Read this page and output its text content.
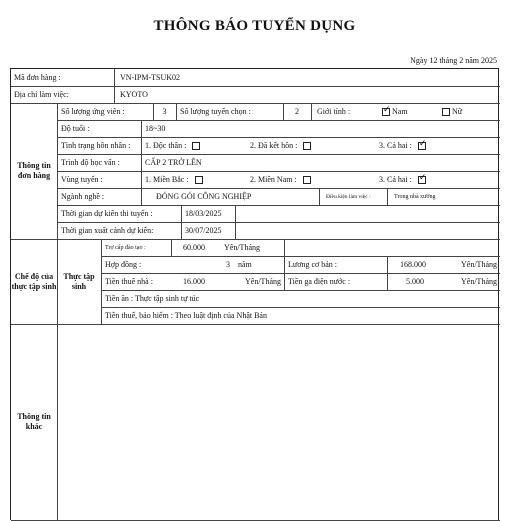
THÔNG BÁO TUYỂN DỤNG
Ngày 12 tháng 2 năm 2025
Mã đơn hàng :	VN-IPM-TSUK02
Địa chỉ làm việc:	KYOTO
Thông tin đơn hàng
Số lượng ứng viên :	3	Số lượng tuyển chọn :	2	Giới tính :
✓	Nam	Nữ
Độ tuổi :	18~30
Tình trạng hôn nhân :	1. Độc thân :	2. Đã kết hôn :	3. Cả hai :
✓
Trình độ học vấn :	CẤP 2 TRỞ LÊN
Vùng tuyển :	1. Miền Bắc :	2. Miền Nam :	3. Cả hai :
✓
Ngành nghề :	ĐÓNG GÓI CÔNG NGHIỆP	Điều kiện làm việc :	Trong nhà xưởng
Thời gian dự kiến thi tuyển :	18/03/2025
Thời gian xuất cảnh dự kiến:	30/07/2025
Chế độ của thực tập sinh
Thực tập sinh
Trợ cấp đào tạo :	60.000	Yên/Tháng
Hợp đồng :	3	năm	Lương cơ bản :	168.000	Yên/Tháng
Tiền thuê nhà :	16.000	Yên/Tháng Tiền ga điện nước :	5.000	Yên/Tháng
Tiền ăn : Thực tập sinh tự túc
Tiền thuế, bảo hiểm : Theo luật định của Nhật Bản
Thông tin khác
